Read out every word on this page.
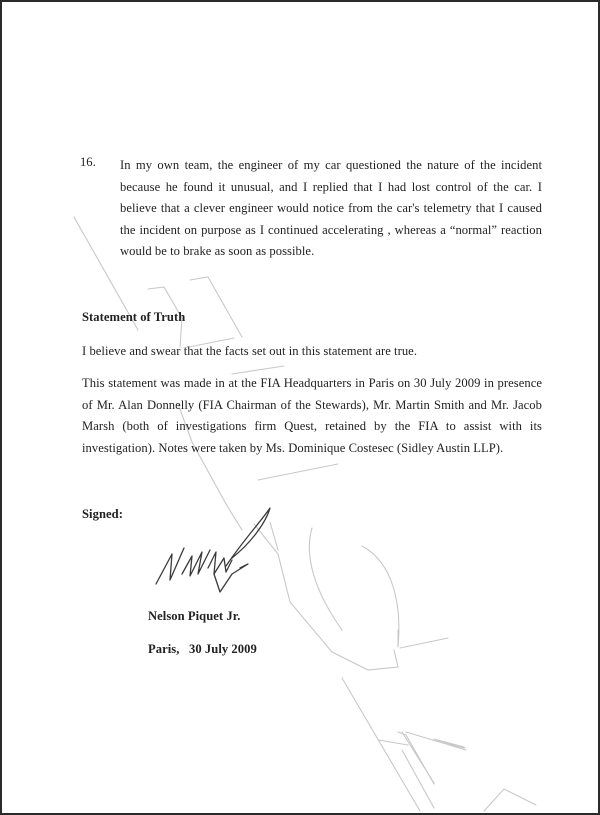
16. In my own team, the engineer of my car questioned the nature of the incident because he found it unusual, and I replied that I had lost control of the car. I believe that a clever engineer would notice from the car's telemetry that I caused the incident on purpose as I continued accelerating , whereas a “normal” reaction would be to brake as soon as possible.

Statement of Truth
I believe and swear that the facts set out in this statement are true.

This statement was made in at the FIA Headquarters in Paris on 30 July 2009 in presence of Mr. Alan Donnelly (FIA Chairman of the Stewards), Mr. Martin Smith and Mr. Jacob Marsh (both of investigations firm Quest, retained by the FIA to assist with its investigation). Notes were taken by Ms. Dominique Costesec (Sidley Austin LLP).

Signed:
Nelson Piquet Jr.
Paris,   30 July 2009
